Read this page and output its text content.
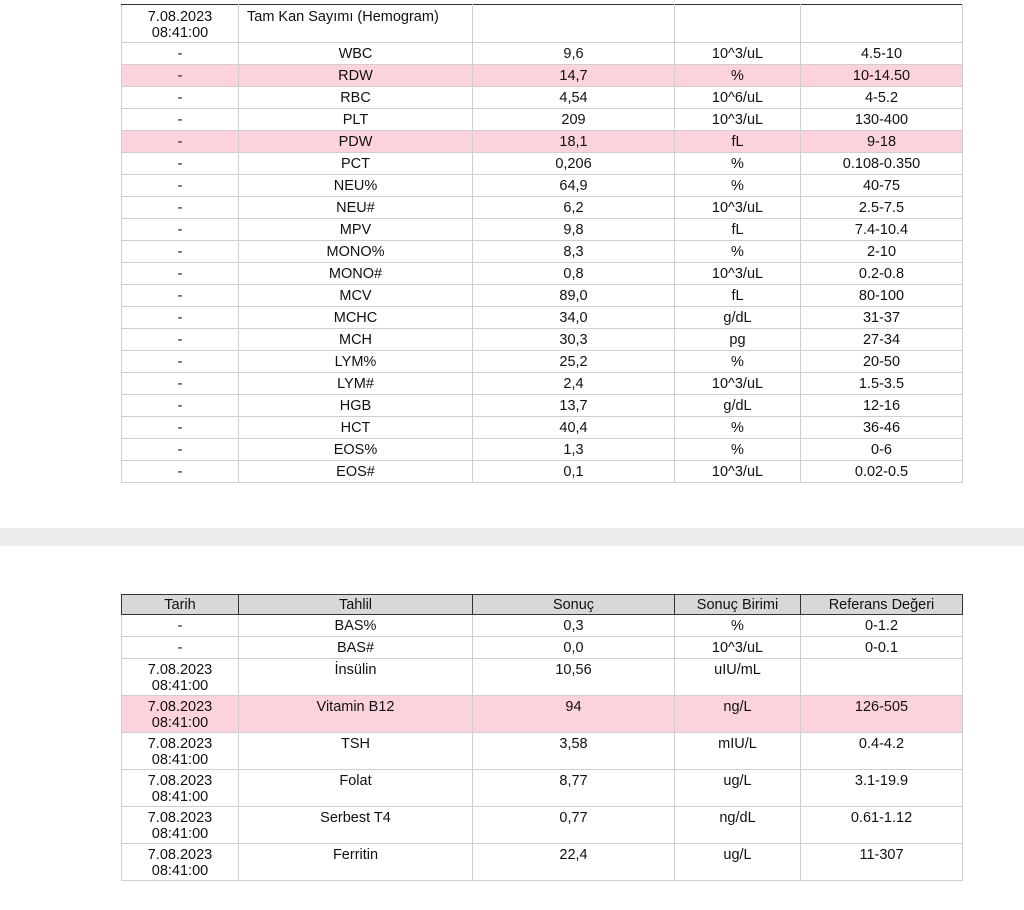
7.08.2023
08:41:00	Tam Kan Sayımı (Hemogram)			
-	WBC	9,6	10^3/uL	4.5-10
-	RDW	14,7	%	10-14.50
-	RBC	4,54	10^6/uL	4-5.2
-	PLT	209	10^3/uL	130-400
-	PDW	18,1	fL	9-18
-	PCT	0,206	%	0.108-0.350
-	NEU%	64,9	%	40-75
-	NEU#	6,2	10^3/uL	2.5-7.5
-	MPV	9,8	fL	7.4-10.4
-	MONO%	8,3	%	2-10
-	MONO#	0,8	10^3/uL	0.2-0.8
-	MCV	89,0	fL	80-100
-	MCHC	34,0	g/dL	31-37
-	MCH	30,3	pg	27-34
-	LYM%	25,2	%	20-50
-	LYM#	2,4	10^3/uL	1.5-3.5
-	HGB	13,7	g/dL	12-16
-	HCT	40,4	%	36-46
-	EOS%	1,3	%	0-6
-	EOS#	0,1	10^3/uL	0.02-0.5
Tarih	Tahlil	Sonuç	Sonuç Birimi	Referans Değeri

-	BAS%	0,3	%	0-1.2

-	BAS#	0,0	10^3/uL	0-0.1

7.08.2023
08:41:00	İnsülin	10,56	uIU/mL	

7.08.2023
08:41:00	Vitamin B12	94	ng/L	126-505

7.08.2023
08:41:00	TSH	3,58	mIU/L	0.4-4.2

7.08.2023
08:41:00	Folat	8,77	ug/L	3.1-19.9

7.08.2023
08:41:00	Serbest T4	0,77	ng/dL	0.61-1.12

7.08.2023
08:41:00	Ferritin	22,4	ug/L	11-307
